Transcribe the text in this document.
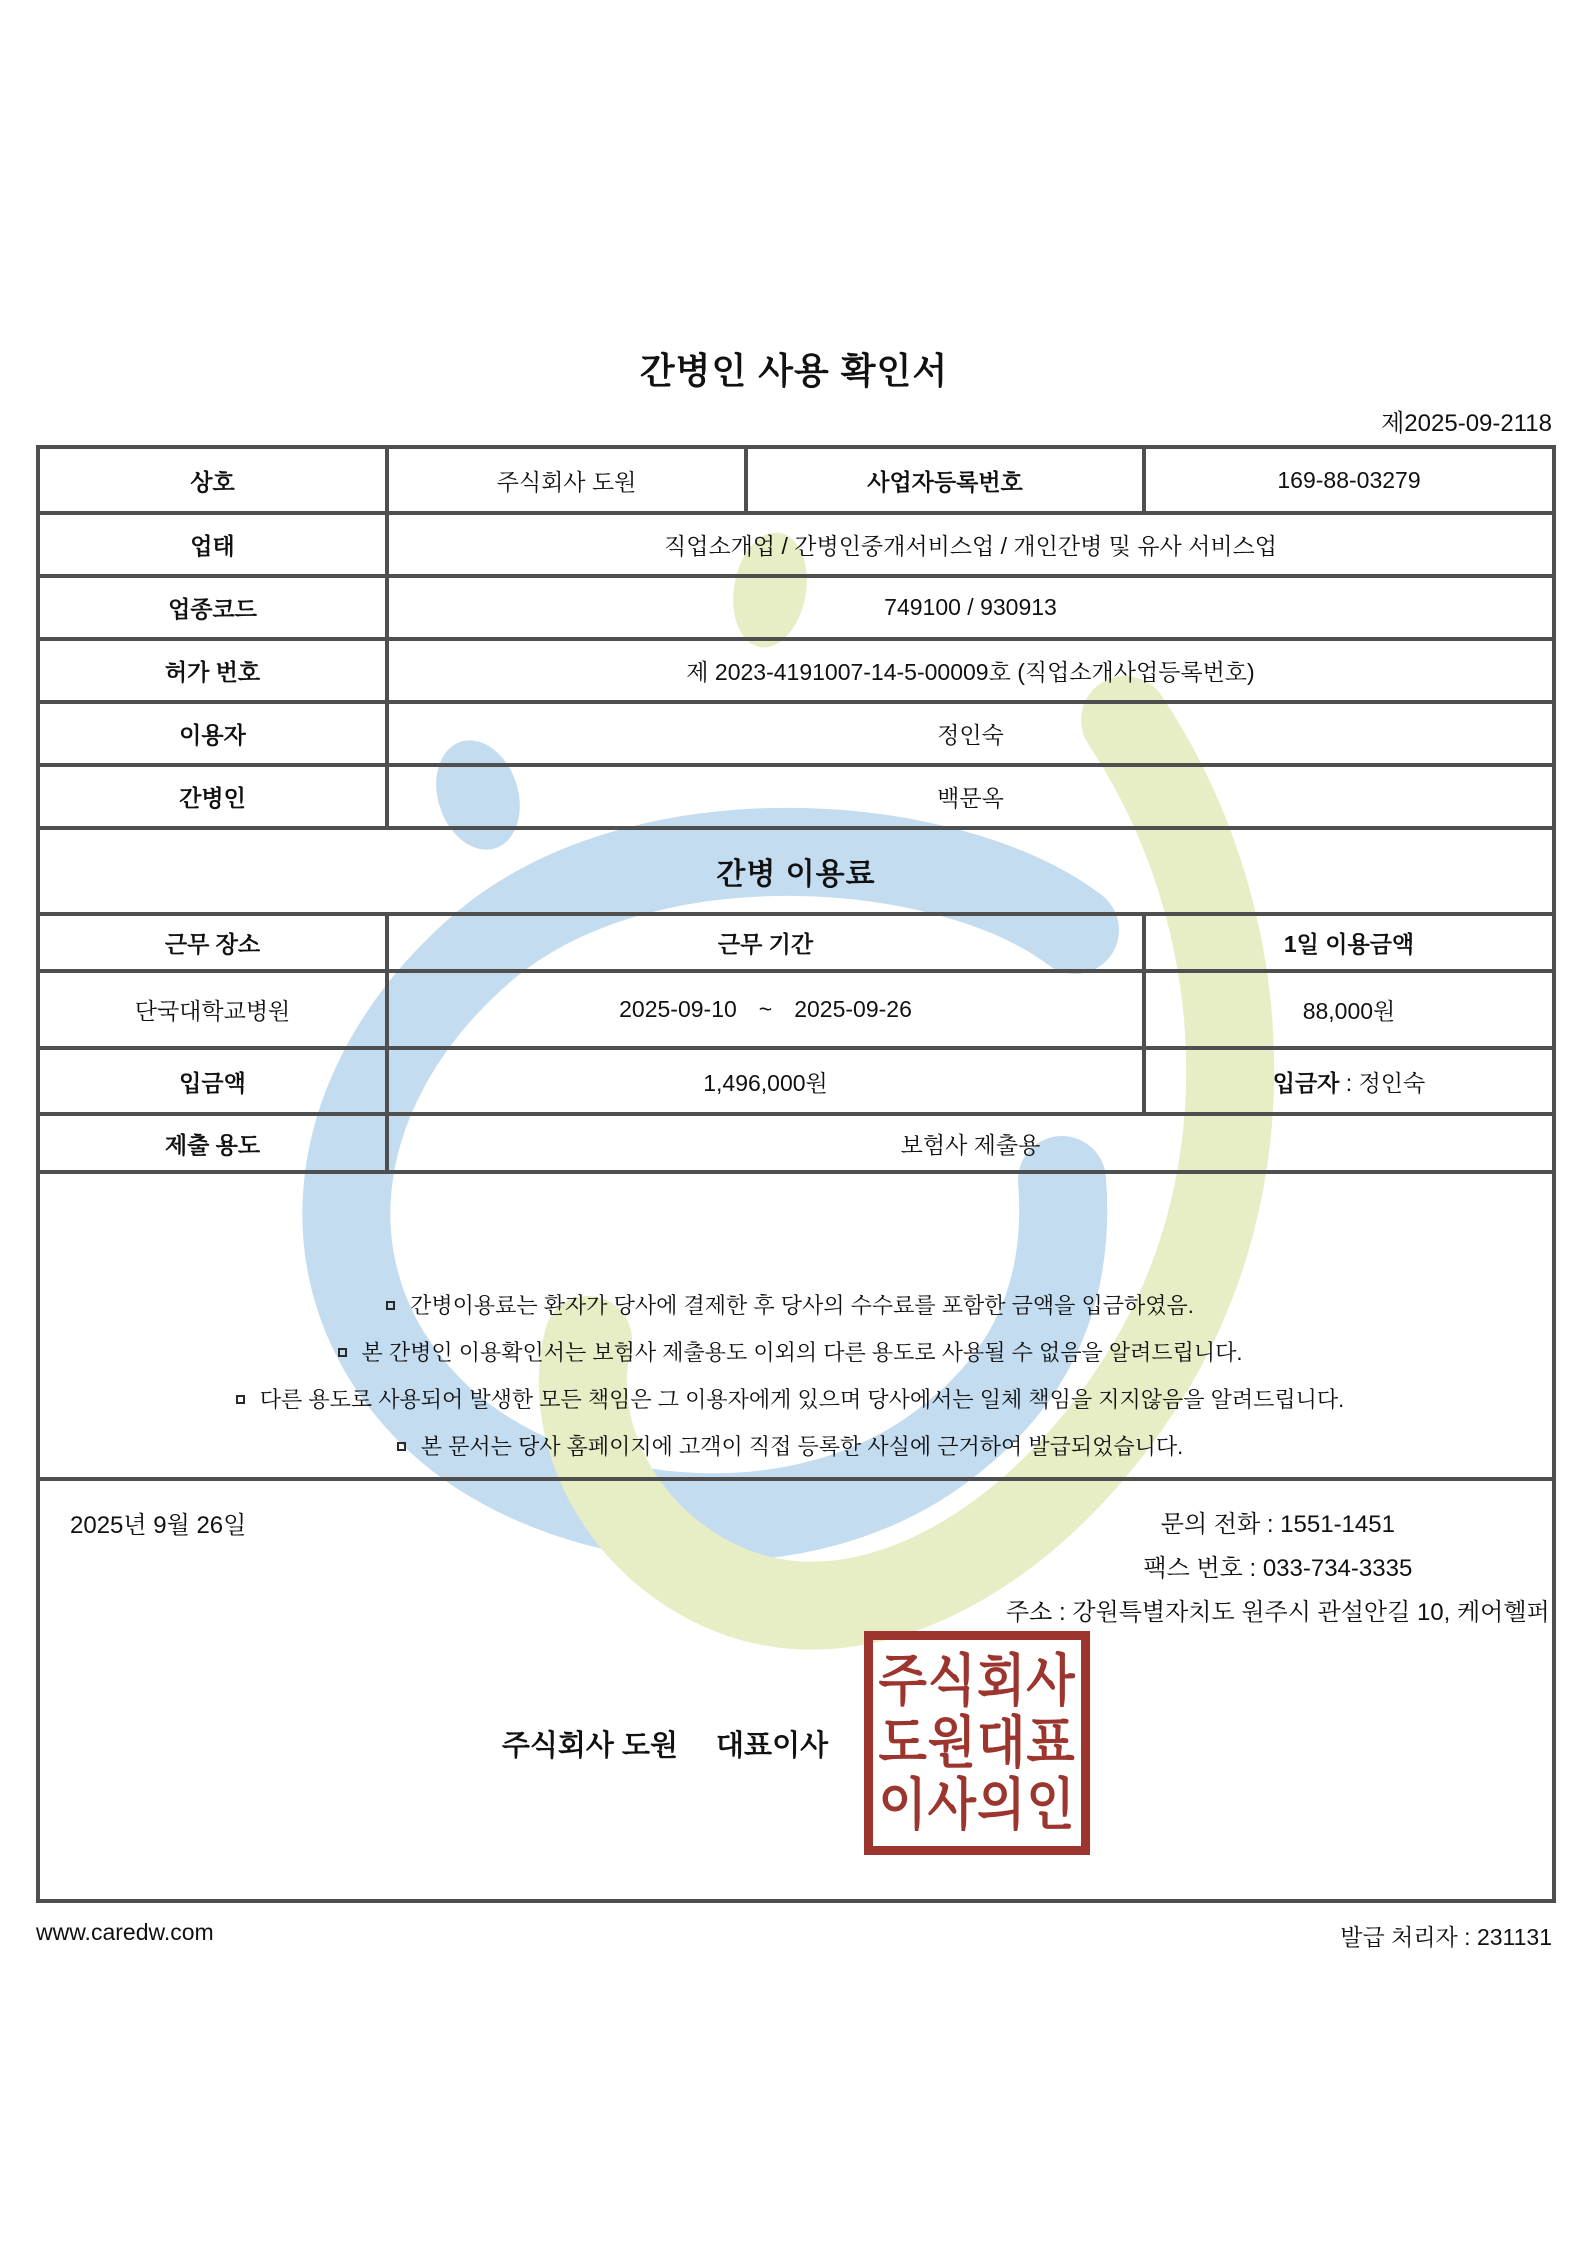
간병인 사용 확인서
제2025-09-2118
상호	주식회사 도원	사업자등록번호	169-88-03279
업태	직업소개업 / 간병인중개서비스업 / 개인간병 및 유사 서비스업		
업종코드	749100 / 930913		
허가 번호	제 2023-4191007-14-5-00009호 (직업소개사업등록번호)		
이용자	정인숙		
간병인	백문옥		
간병 이용료			
근무 장소	근무 기간		1일 이용금액
단국대학교병원	2025-09-10 ~ 2025-09-26		88,000원
입금액	1,496,000원		입금자 : 정인숙
제출 용도	보험사 제출용		

간병이용료는 환자가 당사에 결제한 후 당사의 수수료를 포함한 금액을 입금하였음.
본 간병인 이용확인서는 보험사 제출용도 이외의 다른 용도로 사용될 수 없음을 알려드립니다.
다른 용도로 사용되어 발생한 모든 책임은 그 이용자에게 있으며 당사에서는 일체 책임을 지지않음을 알려드립니다.
본 문서는 당사 홈페이지에 고객이 직접 등록한 사실에 근거하여 발급되었습니다.			

2025년 9월 26일	문의 전화 : 1551-1451
팩스 번호 : 033-734-3335
주소 : 강원특별자치도 원주시 관설안길 10, 케어헬퍼
주식회사 도원 대표이사
주식회사
도원대표
이사의인
www.caredw.com	발급 처리자 : 231131
